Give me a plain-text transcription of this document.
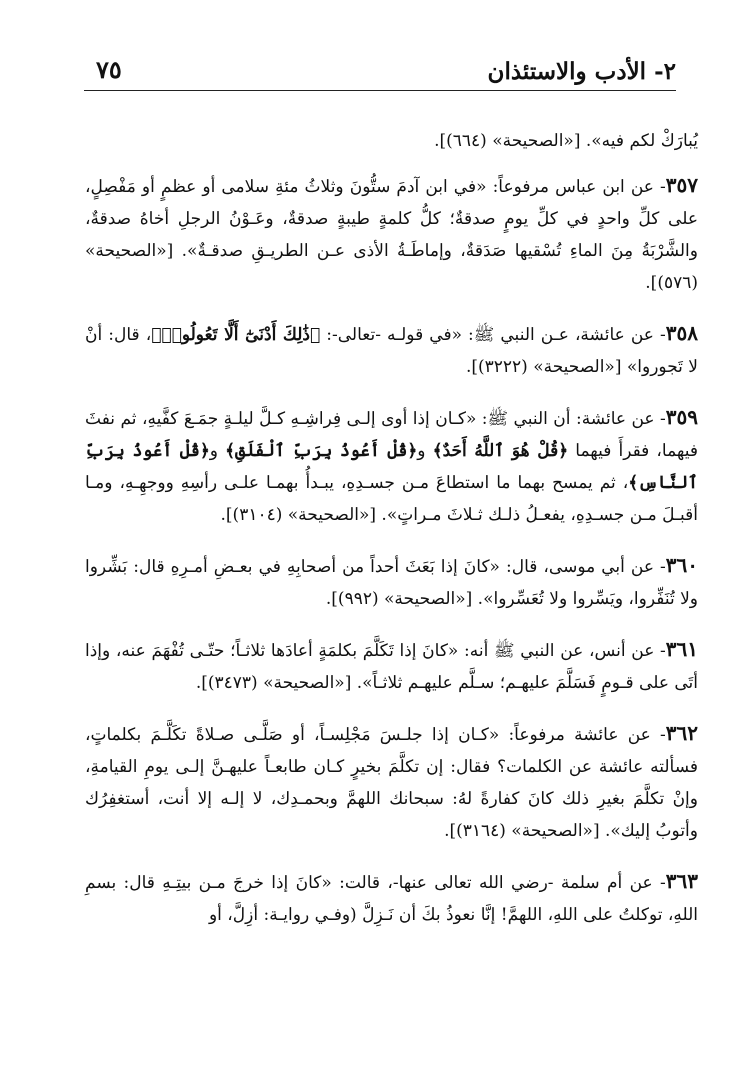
٢- الأدب والاستئذان
٧٥

يُبارَكْ لكم فيه». [«الصحيحة» (٦٦٤)].

٣٥٧- عن ابن عباس مرفوعاً: «في ابن آدمَ ستُّونَ وثلاثُ مئةِ سلامى أو عظمٍ أو مَفْصِلٍ، على كلِّ واحدٍ في كلِّ يومٍ صدقةٌ؛ كلُّ كلمةٍ طيبةٍ صدقةٌ، وعَـوْنُ الرجلِ أخاهُ صدقةٌ، والشَّرْبَةُ مِنَ الماءِ تُسْقيها صَدَقةٌ، وإماطَـةُ الأذى عـن الطريـقِ صدقـةٌ». [«الصحيحة» (٥٧٦)].

٣٥٨- عن عائشة، عـن النبي ﷺ: «في قولـه -تعالى-: ﴿ذَٰلِكَ أَدْنَىٰٓ أَلَّا تَعُولُوا۟﴾، قال: أنْ لا تَجوروا» [«الصحيحة» (٣٢٢٢)].

٣٥٩- عن عائشة: أن النبي ﷺ: «كـان إذا أوى إلـى فِراشِـهِ كـلَّ ليلـةٍ جمَـعَ كفَّيهِ، ثم نفثَ فيهما، فقرأَ فيهما ﴿قُلْ هُوَ ٱللَّهُ أَحَدٌ﴾ و﴿قُلْ أَعُوذُ بِرَبِّ ٱلْفَلَقِ﴾ و﴿قُلْ أَعُوذُ بِرَبِّ ٱلنَّاسِ﴾، ثم يمسح بهما ما استطاعَ مـن جسـدِهِ، يبـدأُ بهمـا علـى رأسِهِ ووجهِـهِ، ومـا أقبـلَ مـن جسـدِهِ، يفعـلُ ذلـك ثـلاثَ مـراتٍ». [«الصحيحة» (٣١٠٤)].

٣٦٠- عن أبي موسى، قال: «كانَ إذا بَعَثَ أحداً من أصحابِهِ في بعـضِ أمـرِهِ قال: بَشِّروا ولا تُنَفِّروا، ويَسِّروا ولا تُعَسِّروا». [«الصحيحة» (٩٩٢)].

٣٦١- عن أنس، عن النبي ﷺ أنه: «كانَ إذا تَكَلَّمَ بكلمَةٍ أعادَها ثلاثـاً؛ حتّـى تُفْهَمَ عنه، وإذا أتَى على قـومٍ فَسَلَّمَ عليهـم؛ سـلَّم عليهـم ثلاثـاً». [«الصحيحة» (٣٤٧٣)].

٣٦٢- عن عائشة مرفوعاً: «كـان إذا جلـسَ مَجْلِسـاً، أو صَلَّـى صـلاةً تكَلَّـمَ بكلماتٍ، فسألته عائشة عن الكلمات؟ فقال: إن تكلَّمَ بخيرٍ كـان طابعـاً عليهـنَّ إلـى يومِ القيامةِ، وإنْ تكلَّمَ بغيرِ ذلك كانَ كفارةً لهُ: سبحانك اللهمَّ وبحمـدِك، لا إلـه إلا أنت، أستغفِرُك وأتوبُ إليك». [«الصحيحة» (٣١٦٤)].

٣٦٣- عن أم سلمة -رضي الله تعالى عنها-، قالت: «كانَ إذا خرجَ مـن بيتِـهِ قال: بسمِ اللهِ، توكلتُ على اللهِ، اللهمَّ! إنَّا نعوذُ بكَ أن نَـزِلَّ (وفـي روايـة: أزِلَّ، أو
